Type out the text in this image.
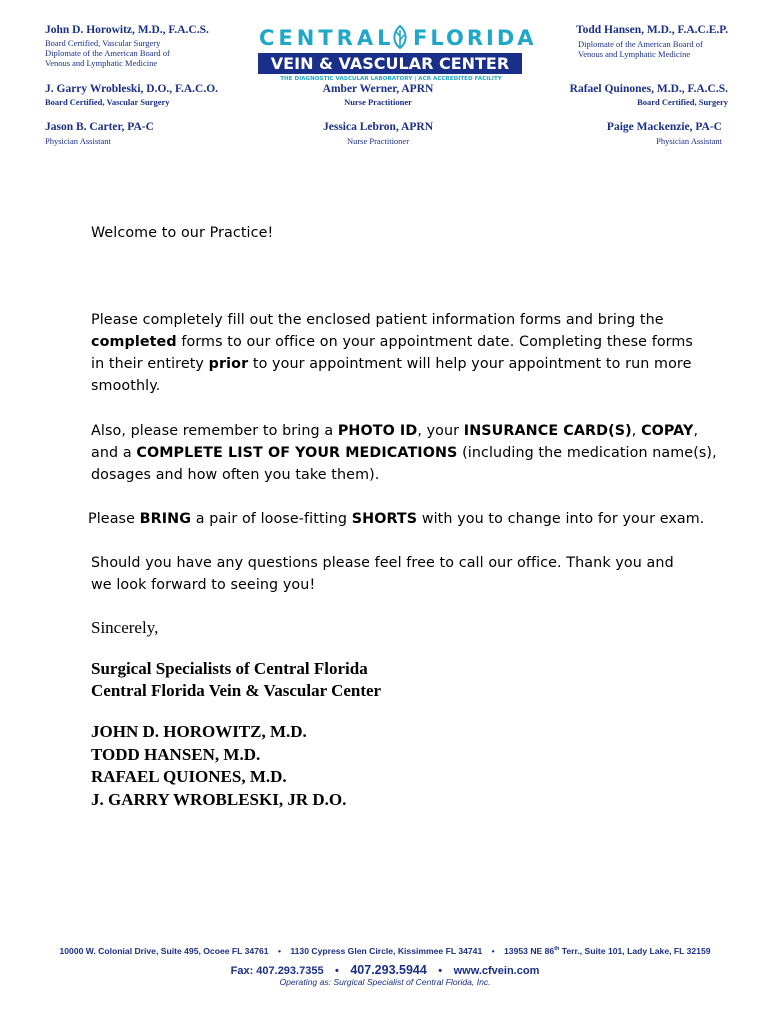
John D. Horowitz, M.D., F.A.C.S.
Board Certified, Vascular Surgery
Diplomate of the American Board of
Venous and Lymphatic Medicine
J. Garry Wrobleski, D.O., F.A.C.O.
Board Certified, Vascular Surgery
Jason B. Carter, PA-C
Physician Assistant
CENTRAL FLORIDA
VEIN & VASCULAR CENTER
THE DIAGNOSTIC VASCULAR LABORATORY | ACR ACCREDITED FACILITY
Amber Werner, APRN
Nurse Practitioner
Jessica Lebron, APRN
Nurse Practitioner
Todd Hansen, M.D., F.A.C.E.P.
Diplomate of the American Board of
Venous and Lymphatic Medicine
Rafael Quinones, M.D., F.A.C.S.
Board Certified, Surgery
Paige Mackenzie, PA-C
Physician Assistant
Welcome to our Practice!
Please completely fill out the enclosed patient information forms and bring the
completed forms to our office on your appointment date. Completing these forms
in their entirety prior to your appointment will help your appointment to run more
smoothly.
Also, please remember to bring a PHOTO ID, your INSURANCE CARD(S), COPAY,
and a COMPLETE LIST OF YOUR MEDICATIONS (including the medication name(s),
dosages and how often you take them).
Please BRING a pair of loose-fitting SHORTS with you to change into for your exam.
Should you have any questions please feel free to call our office. Thank you and
we look forward to seeing you!
Sincerely,
Surgical Specialists of Central Florida
Central Florida Vein & Vascular Center
JOHN D. HOROWITZ, M.D.
TODD HANSEN, M.D.
RAFAEL QUIONES, M.D.
J. GARRY WROBLESKI, JR D.O.
10000 W. Colonial Drive, Suite 495, Ocoee FL 34761 • 1130 Cypress Glen Circle, Kissimmee FL 34741 • 13953 NE 86th Terr., Suite 101, Lady Lake, FL 32159
Fax: 407.293.7355 • 407.293.5944 • www.cfvein.com
Operating as: Surgical Specialist of Central Florida, Inc.
